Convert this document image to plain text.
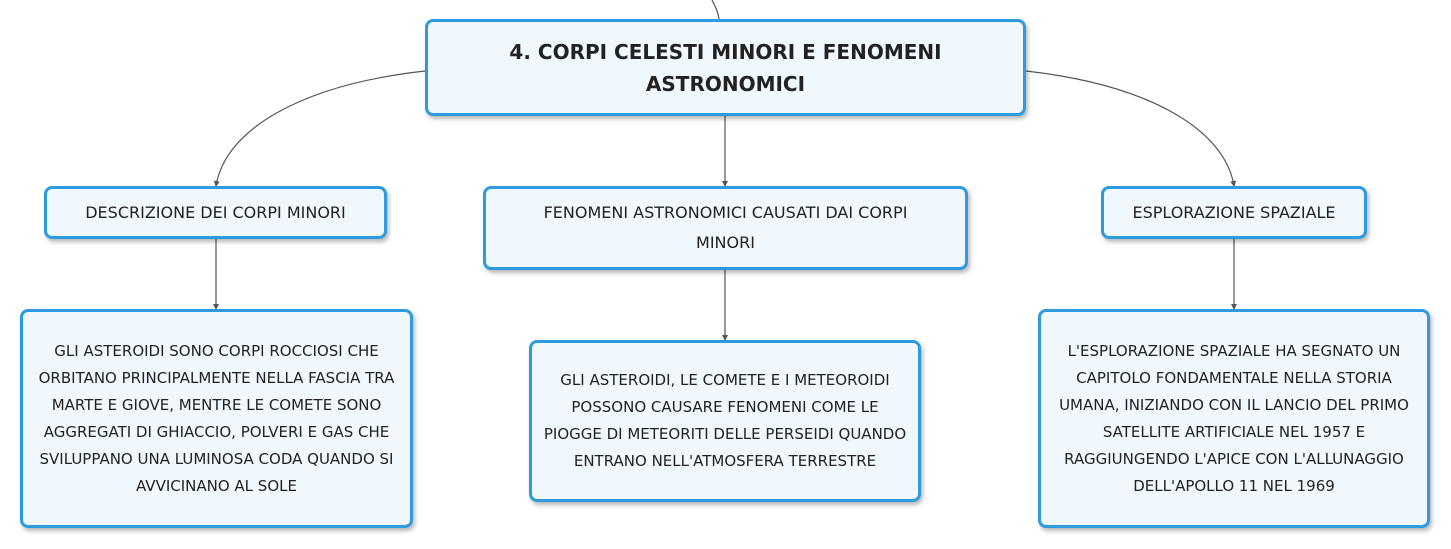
4. CORPI CELESTI MINORI E FENOMENI ASTRONOMICI
DESCRIZIONE DEI CORPI MINORI	FENOMENI ASTRONOMICI CAUSATI DAI CORPI MINORI
ESPLORAZIONE SPAZIALE
GLI ASTEROIDI SONO CORPI ROCCIOSI CHE ORBITANO PRINCIPALMENTE NELLA FASCIA TRA MARTE E GIOVE, MENTRE LE COMETE SONO AGGREGATI DI GHIACCIO, POLVERI E GAS CHE SVILUPPANO UNA LUMINOSA CODA QUANDO SI AVVICINANO AL SOLE
GLI ASTEROIDI, LE COMETE E I METEOROIDI POSSONO CAUSARE FENOMENI COME LE PIOGGE DI METEORITI DELLE PERSEIDI QUANDO ENTRANO NELL'ATMOSFERA TERRESTRE
L'ESPLORAZIONE SPAZIALE HA SEGNATO UN CAPITOLO FONDAMENTALE NELLA STORIA UMANA, INIZIANDO CON IL LANCIO DEL PRIMO SATELLITE ARTIFICIALE NEL 1957 E RAGGIUNGENDO L'APICE CON L'ALLUNAGGIO DELL'APOLLO 11 NEL 1969
